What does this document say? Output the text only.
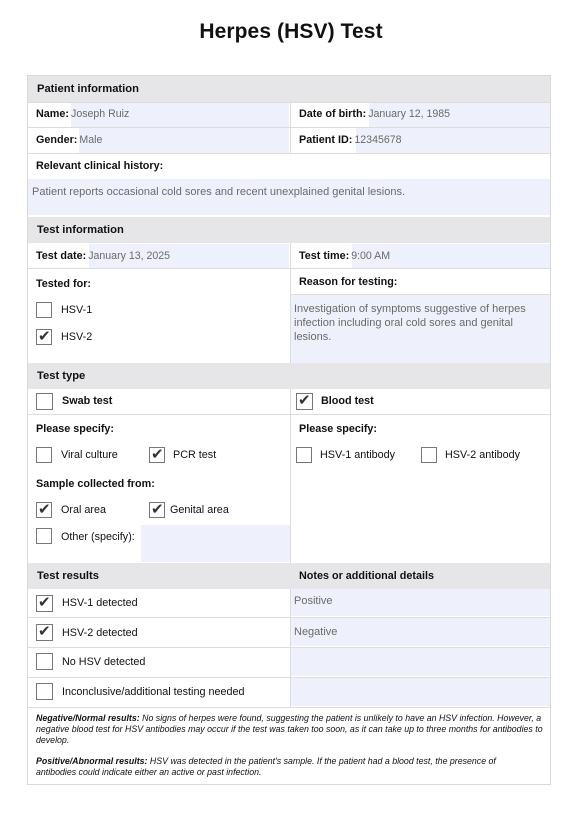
Herpes (HSV) Test
Patient information
Name: Joseph Ruiz	Date of birth: January 12, 1985
Gender: Male	Patient ID: 12345678
Relevant clinical history:
Patient reports occasional cold sores and recent unexplained genital lesions.
Test information
Test date: January 13, 2025	Test time: 9:00 AM
Tested for:	Reason for testing:
Investigation of symptoms suggestive of herpes infection including oral cold sores and genital lesions.
HSV-1
✔ HSV-2
Test type
Swab test	✔ Blood test
Please specify:	Please specify:
Viral culture ✔ PCR test	HSV-1 antibody	HSV-2 antibody
Sample collected from:
✔ Oral area	✔ Genital area
Other (specify):
Test results	Notes or additional details
✔ HSV-1 detected	Positive
✔ HSV-2 detected	Negative
No HSV detected
Inconclusive/additional testing needed
Negative/Normal results: No signs of herpes were found, suggesting the patient is unlikely to have an HSV infection. However, a negative blood test for HSV antibodies may occur if the test was taken too soon, as it can take up to three months for antibodies to develop.
Positive/Abnormal results: HSV was detected in the patient's sample. If the patient had a blood test, the presence of antibodies could indicate either an active or past infection.
